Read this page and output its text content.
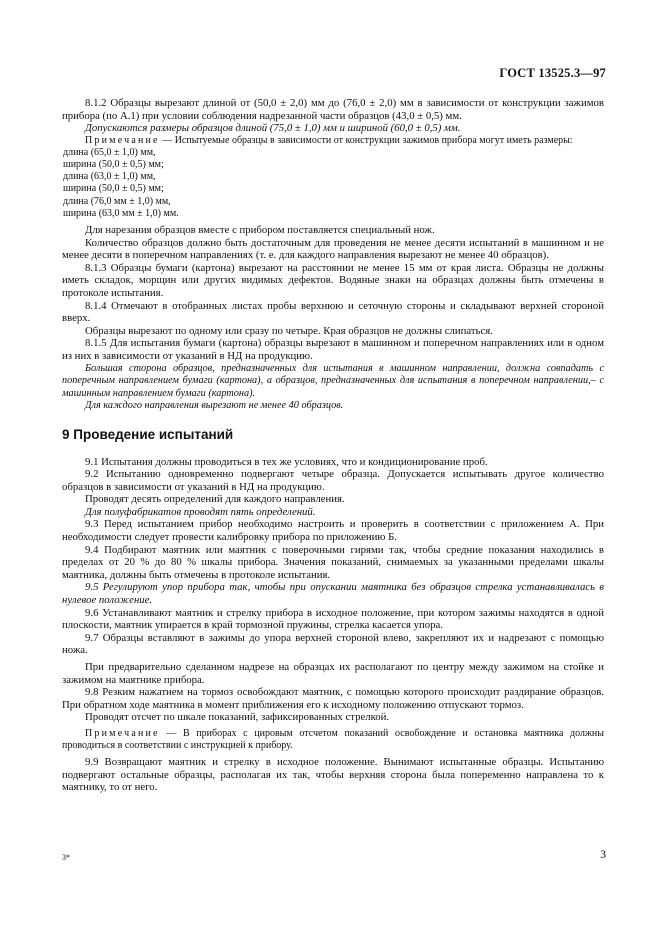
ГОСТ 13525.3—97

8.1.2 Образцы вырезают длиной от (50,0 ± 2,0) мм до (76,0 ± 2,0) мм в зависимости от конструкции зажимов прибора (по А.1) при условии соблюдения надрезанной части образцов (43,0 ± 0,5) мм.

Допускаются размеры образцов длиной (75,0 ± 1,0) мм и шириной (60,0 ± 0,5) мм.

Примечание — Испытуемые образцы в зависимости от конструкции зажимов прибора могут иметь размеры:

длина (65,0 ± 1,0) мм,
ширина (50,0 ± 0,5) мм;
длина (63,0 ± 1,0) мм,
ширина (50,0 ± 0,5) мм;
длина (76,0 мм ± 1,0) мм,
ширина (63,0 мм ± 1,0) мм.

Для нарезания образцов вместе с прибором поставляется специальный нож.

Количество образцов должно быть достаточным для проведения не менее десяти испытаний в машинном и не менее десяти в поперечном направлениях (т. е. для каждого направления вырезают не менее 40 образцов).

8.1.3 Образцы бумаги (картона) вырезают на расстоянии не менее 15 мм от края листа. Образцы не должны иметь складок, морщин или других видимых дефектов. Водяные знаки на образцах должны быть отмечены в протоколе испытания.

8.1.4 Отмечают в отобранных листах пробы верхнюю и сеточную стороны и складывают верхней стороной вверх.

Образцы вырезают по одному или сразу по четыре. Края образцов не должны слипаться.

8.1.5 Для испытания бумаги (картона) образцы вырезают в машинном и поперечном направлениях или в одном из них в зависимости от указаний в НД на продукцию.

Большая сторона образцов, предназначенных для испытания в машинном направлении, должна совпадать с поперечным направлением бумаги (картона), а образцов, предназначенных для испытания в поперечном направлении,– с машинным направлением бумаги (картона).

Для каждого направления вырезают не менее 40 образцов.

9 Проведение испытаний

9.1 Испытания должны проводиться в тех же условиях, что и кондиционирование проб.

9.2 Испытанию одновременно подвергают четыре образца. Допускается испытывать другое количество образцов в зависимости от указаний в НД на продукцию.

Проводят десять определений для каждого направления.

Для полуфабрикатов проводят пять определений.

9.3 Перед испытанием прибор необходимо настроить и проверить в соответствии с приложением А. При необходимости следует провести калибровку прибора по приложению Б.

9.4 Подбирают маятник или маятник с поверочными гирями так, чтобы средние показания находились в пределах от 20 % до 80 % шкалы прибора. Значения показаний, снимаемых за указанными пределами шкалы маятника, должны быть отмечены в протоколе испытания.

9.5 Регулируют упор прибора так, чтобы при опускании маятника без образцов стрелка устанавливалась в нулевое положение.

9.6 Устанавливают маятник и стрелку прибора в исходное положение, при котором зажимы находятся в одной плоскости, маятник упирается в край тормозной пружины, стрелка касается упора.

9.7 Образцы вставляют в зажимы до упора верхней стороной влево, закрепляют их и надрезают с помощью ножа.

При предварительно сделанном надрезе на образцах их располагают по центру между зажимом на стойке и зажимом на маятнике прибора.

9.8 Резким нажатием на тормоз освобождают маятник, с помощью которого происходит раздирание образцов. При обратном ходе маятника в момент приближения его к исходному положению отпускают тормоз.

Проводят отсчет по шкале показаний, зафиксированных стрелкой.

Примечание — В приборах с цировым отсчетом показаний освобождение и остановка маятника должны проводиться в соответствии с инструкцией к прибору.

9.9 Возвращают маятник и стрелку в исходное положение. Вынимают испытанные образцы. Испытанию подвергают остальные образцы, располагая их так, чтобы верхняя сторона была попеременно направлена то к маятнику, то от него.

3*	3
